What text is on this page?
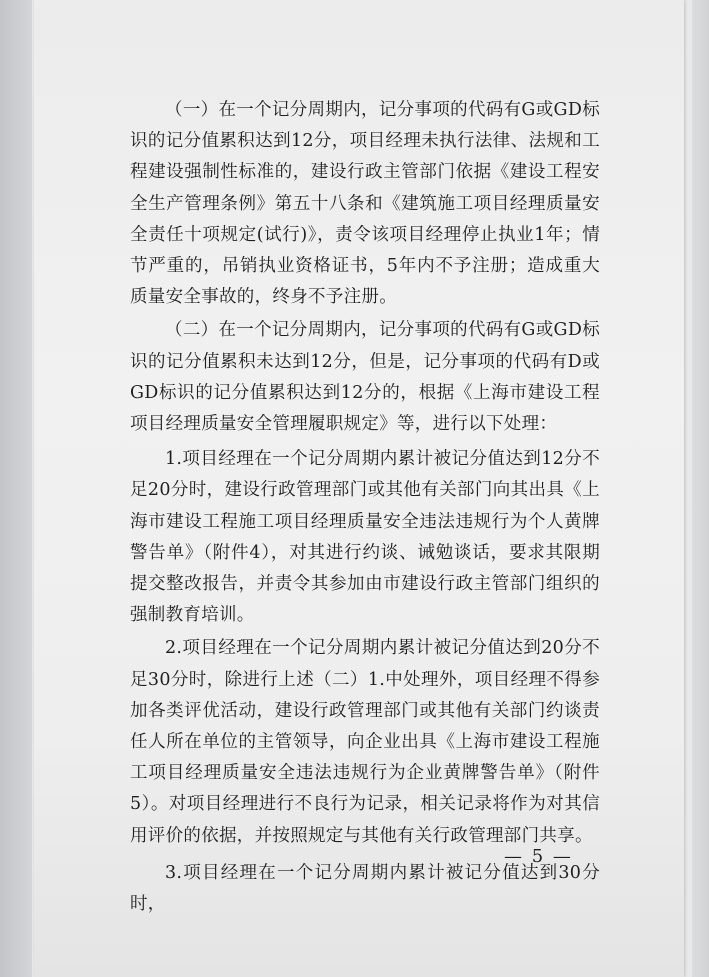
（一）在一个记分周期内，记分事项的代码有G或GD标识的记分值累积达到12分，项目经理未执行法律、法规和工程建设强制性标准的，建设行政主管部门依据《建设工程安全生产管理条例》第五十八条和《建筑施工项目经理质量安全责任十项规定(试行)》，责令该项目经理停止执业1年；情节严重的，吊销执业资格证书，5年内不予注册；造成重大质量安全事故的，终身不予注册。

（二）在一个记分周期内，记分事项的代码有G或GD标识的记分值累积未达到12分，但是，记分事项的代码有D或GD标识的记分值累积达到12分的，根据《上海市建设工程项目经理质量安全管理履职规定》等，进行以下处理：

1.项目经理在一个记分周期内累计被记分值达到12分不足20分时，建设行政管理部门或其他有关部门向其出具《上海市建设工程施工项目经理质量安全违法违规行为个人黄牌警告单》（附件4），对其进行约谈、诫勉谈话，要求其限期提交整改报告，并责令其参加由市建设行政主管部门组织的强制教育培训。

2.项目经理在一个记分周期内累计被记分值达到20分不足30分时，除进行上述（二）1.中处理外，项目经理不得参加各类评优活动，建设行政管理部门或其他有关部门约谈责任人所在单位的主管领导，向企业出具《上海市建设工程施工项目经理质量安全违法违规行为企业黄牌警告单》（附件5）。对项目经理进行不良行为记录，相关记录将作为对其信用评价的依据，并按照规定与其他有关行政管理部门共享。

3.项目经理在一个记分周期内累计被记分值达到30分时，

— 5 —
